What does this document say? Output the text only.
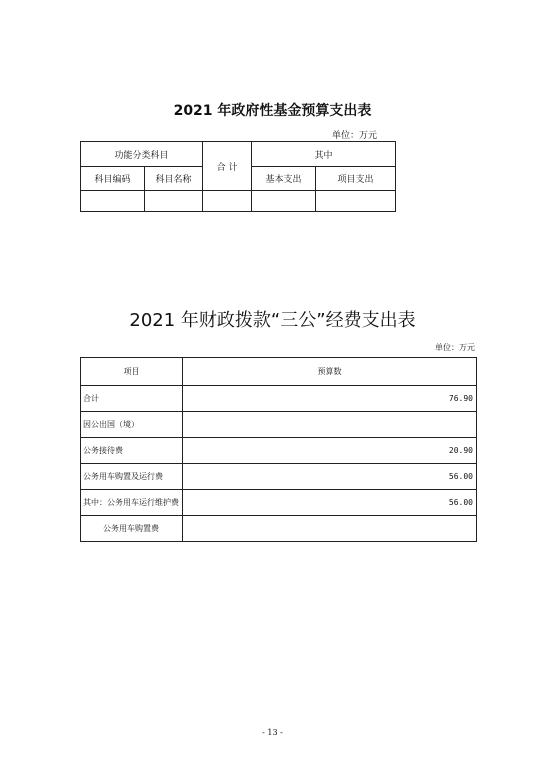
2021 年政府性基金预算支出表
单位：万元
功能分类科目		合 计	其中	
科目编码	科目名称		基本支出	项目支出

2021 年财政拨款“三公”经费支出表
单位：万元
项目	预算数
合计	76.90
因公出国（境）	
公务接待费	20.90
公务用车购置及运行费	56.00
其中：公务用车运行维护费	56.00
公务用车购置费	
- 13 -
